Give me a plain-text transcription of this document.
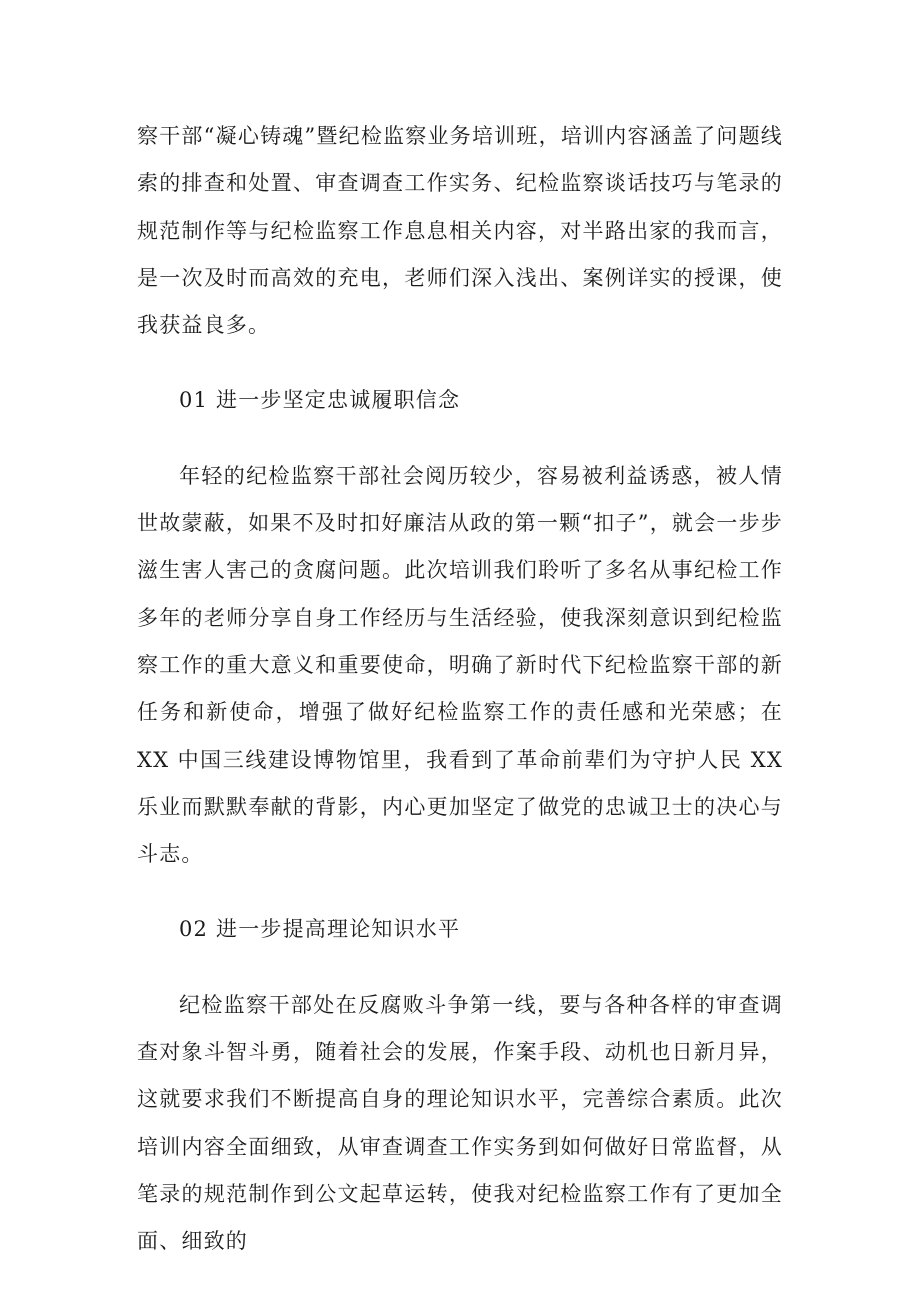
察干部“凝心铸魂”暨纪检监察业务培训班，培训内容涵盖了问题线索的排查和处置、审查调查工作实务、纪检监察谈话技巧与笔录的规范制作等与纪检监察工作息息相关内容，对半路出家的我而言，是一次及时而高效的充电，老师们深入浅出、案例详实的授课，使我获益良多。

01 进一步坚定忠诚履职信念

年轻的纪检监察干部社会阅历较少，容易被利益诱惑，被人情世故蒙蔽，如果不及时扣好廉洁从政的第一颗“扣子”，就会一步步滋生害人害己的贪腐问题。此次培训我们聆听了多名从事纪检工作多年的老师分享自身工作经历与生活经验，使我深刻意识到纪检监察工作的重大意义和重要使命，明确了新时代下纪检监察干部的新任务和新使命，增强了做好纪检监察工作的责任感和光荣感；在 XX 中国三线建设博物馆里，我看到了革命前辈们为守护人民 XX 乐业而默默奉献的背影，内心更加坚定了做党的忠诚卫士的决心与斗志。

02 进一步提高理论知识水平

纪检监察干部处在反腐败斗争第一线，要与各种各样的审查调查对象斗智斗勇，随着社会的发展，作案手段、动机也日新月异，这就要求我们不断提高自身的理论知识水平，完善综合素质。此次培训内容全面细致，从审查调查工作实务到如何做好日常监督，从笔录的规范制作到公文起草运转，使我对纪检监察工作有了更加全面、细致的
